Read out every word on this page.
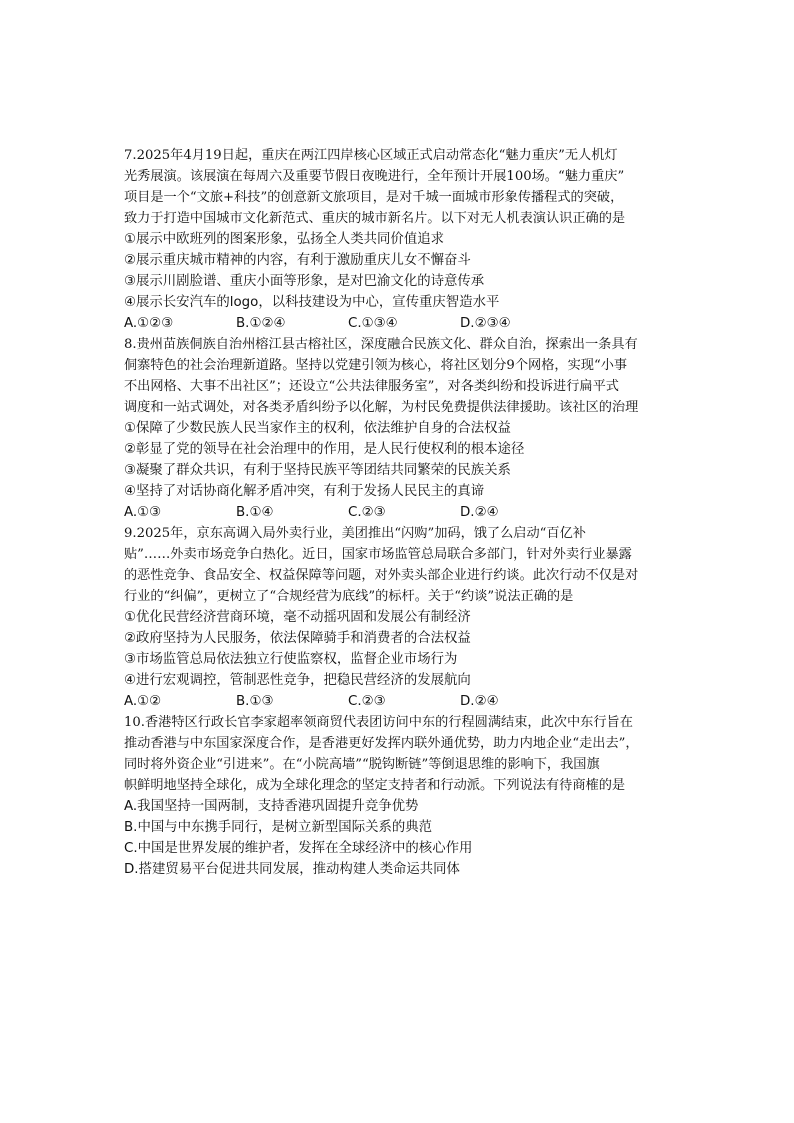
7.2025年4月19日起，重庆在两江四岸核心区域正式启动常态化“魅力重庆”无人机灯
光秀展演。该展演在每周六及重要节假日夜晚进行，全年预计开展100场。“魅力重庆”
项目是一个“文旅+科技”的创意新文旅项目，是对千城一面城市形象传播程式的突破，
致力于打造中国城市文化新范式、重庆的城市新名片。以下对无人机表演认识正确的是
①展示中欧班列的图案形象，弘扬全人类共同价值追求
②展示重庆城市精神的内容，有利于激励重庆儿女不懈奋斗
③展示川剧脸谱、重庆小面等形象，是对巴渝文化的诗意传承
④展示长安汽车的logo，以科技建设为中心，宣传重庆智造水平
A.①②③	B.①②④	C.①③④	D.②③④
8.贵州苗族侗族自治州榕江县古榕社区，深度融合民族文化、群众自治，探索出一条具有
侗寨特色的社会治理新道路。坚持以党建引领为核心，将社区划分9个网格，实现“小事
不出网格、大事不出社区”；还设立“公共法律服务室”，对各类纠纷和投诉进行扁平式
调度和一站式调处，对各类矛盾纠纷予以化解，为村民免费提供法律援助。该社区的治理
①保障了少数民族人民当家作主的权利，依法维护自身的合法权益
②彰显了党的领导在社会治理中的作用，是人民行使权利的根本途径
③凝聚了群众共识，有利于坚持民族平等团结共同繁荣的民族关系
④坚持了对话协商化解矛盾冲突，有利于发扬人民民主的真谛
A.①③	B.①④	C.②③	D.②④
9.2025年，京东高调入局外卖行业，美团推出“闪购”加码，饿了么启动“百亿补
贴”……外卖市场竞争白热化。近日，国家市场监管总局联合多部门，针对外卖行业暴露
的恶性竞争、食品安全、权益保障等问题，对外卖头部企业进行约谈。此次行动不仅是对
行业的“纠偏”，更树立了“合规经营为底线”的标杆。关于“约谈”说法正确的是
①优化民营经济营商环境，毫不动摇巩固和发展公有制经济
②政府坚持为人民服务，依法保障骑手和消费者的合法权益
③市场监管总局依法独立行使监察权，监督企业市场行为
④进行宏观调控，管制恶性竞争，把稳民营经济的发展航向
A.①②	B.①③	C.②③	D.②④
10.香港特区行政长官李家超率领商贸代表团访问中东的行程圆满结束，此次中东行旨在
推动香港与中东国家深度合作，是香港更好发挥内联外通优势，助力内地企业“走出去”，
同时将外资企业“引进来”。在“小院高墙”“脱钩断链”等倒退思维的影响下，我国旗
帜鲜明地坚持全球化，成为全球化理念的坚定支持者和行动派。下列说法有待商榷的是
A.我国坚持一国两制，支持香港巩固提升竞争优势
B.中国与中东携手同行，是树立新型国际关系的典范
C.中国是世界发展的维护者，发挥在全球经济中的核心作用
D.搭建贸易平台促进共同发展，推动构建人类命运共同体
